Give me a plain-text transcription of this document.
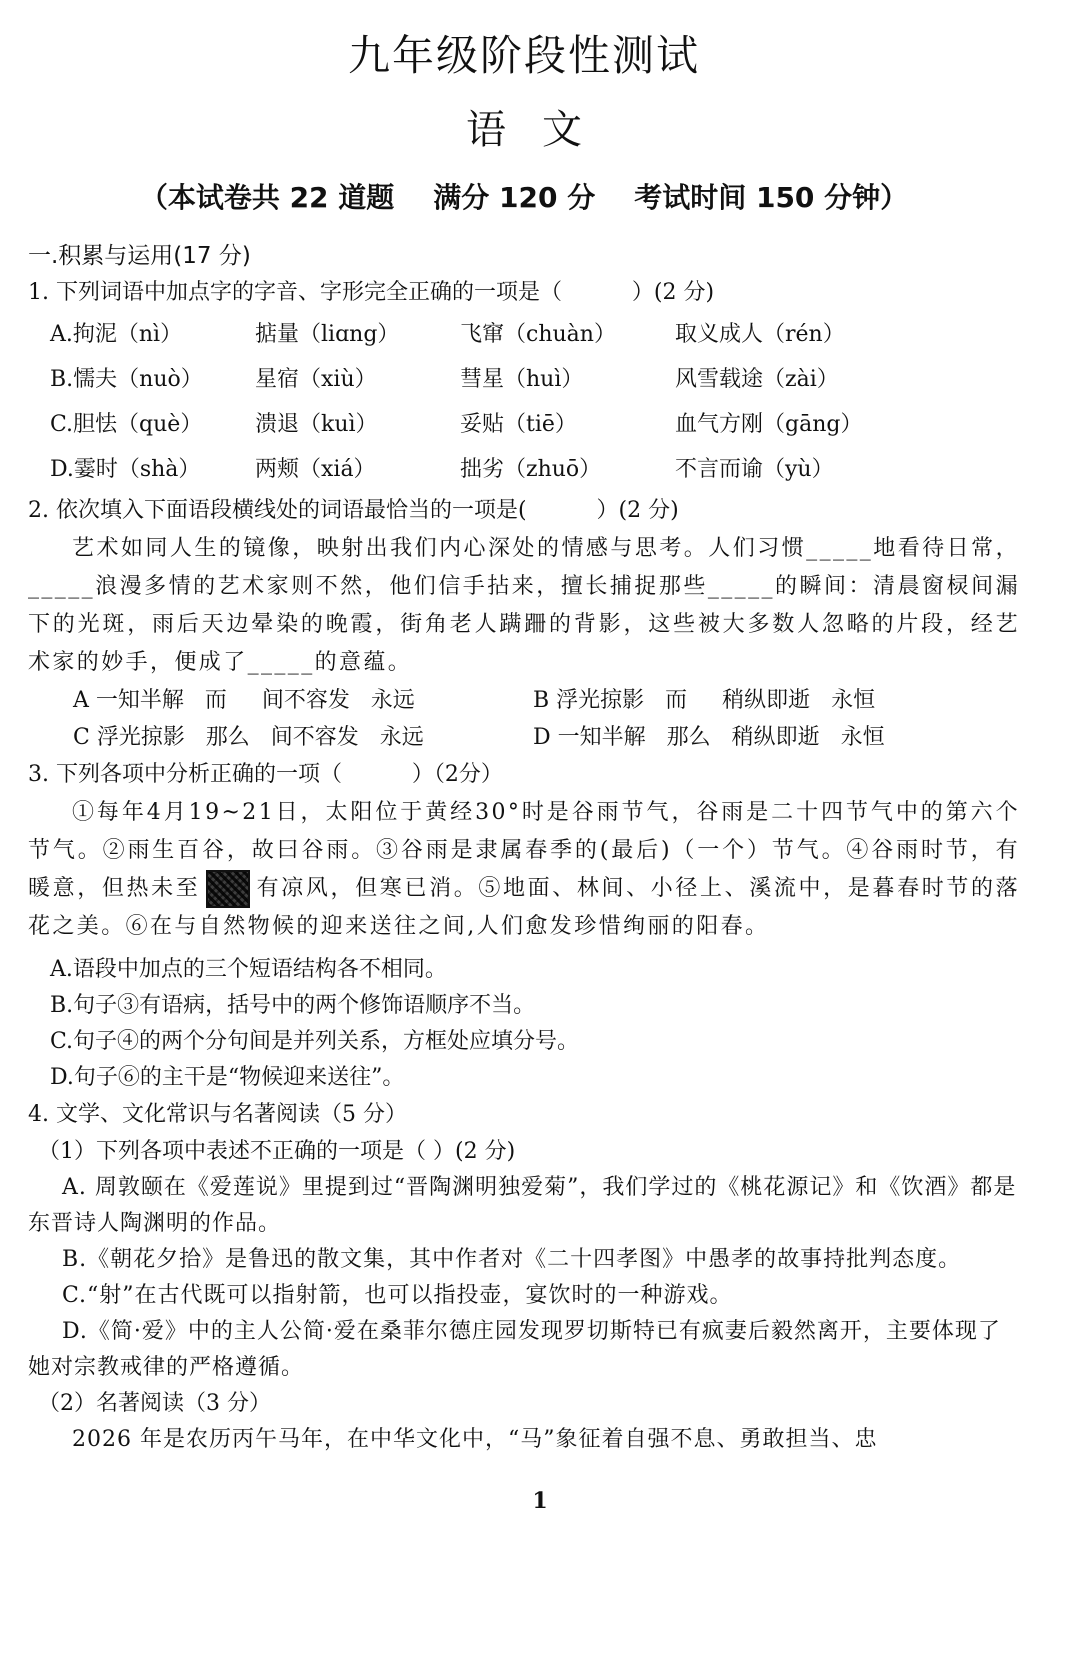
九年级阶段性测试
语文
（本试卷共 22 道题    满分 120 分    考试时间 150 分钟）
一.积累与运用(17 分)
1. 下列词语中加点字的字音、字形完全正确的一项是（          ）(2 分)
A.拘泥（nì）	掂量（liɑng）	飞窜（chuàn）	取义成人（rén）
B.懦夫（nuò）	星宿（xiù）	彗星（huì）	风雪载途（zài）
C.胆怯（què）	溃退（kuì）	妥贴（tiē）	血气方刚（gāng）
D.霎时（shà）	两颊（xiá）	拙劣（zhuō）	不言而谕（yù）
2. 依次填入下面语段横线处的词语最恰当的一项是(          ）(2 分)

艺术如同人生的镜像，映射出我们内心深处的情感与思考。人们习惯_____地看待日常，_____浪漫多情的艺术家则不然，他们信手拈来，擅长捕捉那些_____的瞬间：清晨窗棂间漏下的光斑，雨后天边晕染的晚霞，街角老人蹒跚的背影，这些被大多数人忽略的片段，经艺术家的妙手，便成了_____的意蕴。

A 一知半解   而     间不容发   永远	B 浮光掠影   而     稍纵即逝   永恒
C 浮光掠影   那么   间不容发   永远	D 一知半解   那么   稍纵即逝   永恒
3. 下列各项中分析正确的一项（          ）（2分）

①每年4月19~21日，太阳位于黄经30°时是谷雨节气，谷雨是二十四节气中的第六个节气。②雨生百谷，故曰谷雨。③谷雨是隶属春季的(最后)（一个）节气。④谷雨时节，有暖意，但热未至	有凉风，但寒已消。⑤地面、林间、小径上、溪流中，是暮春时节的落花之美。⑥在与自然物候的迎来送往之间,人们愈发珍惜绚丽的阳春。

A.语段中加点的三个短语结构各不相同。

B.句子③有语病，括号中的两个修饰语顺序不当。

C.句子④的两个分句间是并列关系，方框处应填分号。

D.句子⑥的主干是“物候迎来送往”。

4. 文学、文化常识与名著阅读（5 分）

（1）下列各项中表述不正确的一项是（ ）(2 分)

A. 周敦颐在《爱莲说》里提到过“晋陶渊明独爱菊”，我们学过的《桃花源记》和《饮酒》都是东晋诗人陶渊明的作品。

B.《朝花夕拾》是鲁迅的散文集，其中作者对《二十四孝图》中愚孝的故事持批判态度。

C.“射”在古代既可以指射箭，也可以指投壶，宴饮时的一种游戏。

D.《简·爱》中的主人公简·爱在桑菲尔德庄园发现罗切斯特已有疯妻后毅然离开，主要体现了她对宗教戒律的严格遵循。

（2）名著阅读（3 分）

2026 年是农历丙午马年，在中华文化中，“马”象征着自强不息、勇敢担当、忠

1
